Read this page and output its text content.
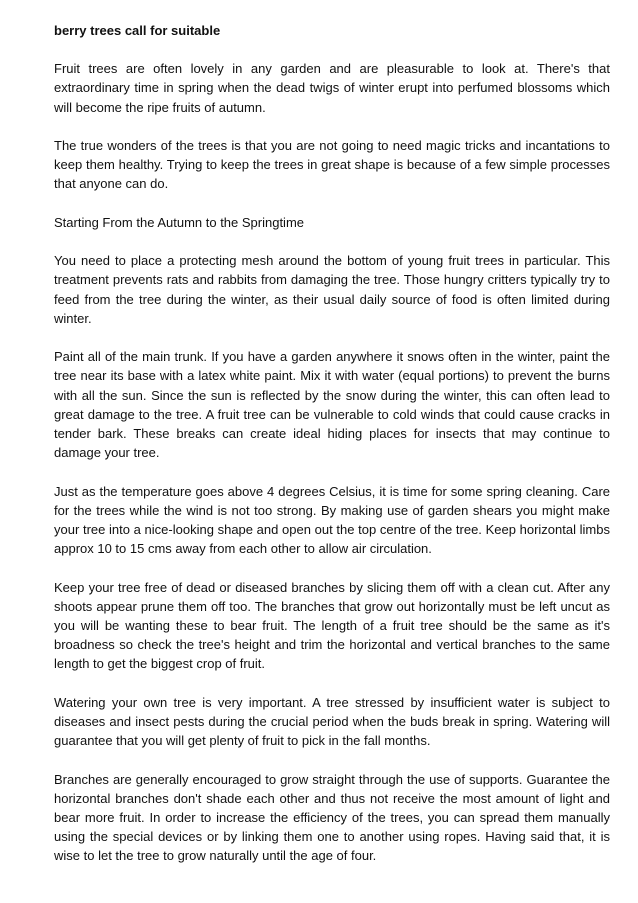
berry trees call for suitable
Fruit trees are often lovely in any garden and are pleasurable to look at. There's that extraordinary time in spring when the dead twigs of winter erupt into perfumed blossoms which will become the ripe fruits of autumn.
The true wonders of the trees is that you are not going to need magic tricks and incantations to keep them healthy. Trying to keep the trees in great shape is because of a few simple processes that anyone can do.
Starting From the Autumn to the Springtime
You need to place a protecting mesh around the bottom of young fruit trees in particular. This treatment prevents rats and rabbits from damaging the tree. Those hungry critters typically try to feed from the tree during the winter, as their usual daily source of food is often limited during winter.
Paint all of the main trunk. If you have a garden anywhere it snows often in the winter, paint the tree near its base with a latex white paint. Mix it with water (equal portions) to prevent the burns with all the sun. Since the sun is reflected by the snow during the winter, this can often lead to great damage to the tree. A fruit tree can be vulnerable to cold winds that could cause cracks in tender bark. These breaks can create ideal hiding places for insects that may continue to damage your tree.
Just as the temperature goes above 4 degrees Celsius, it is time for some spring cleaning. Care for the trees while the wind is not too strong. By making use of garden shears you might make your tree into a nice-looking shape and open out the top centre of the tree. Keep horizontal limbs approx 10 to 15 cms away from each other to allow air circulation.
Keep your tree free of dead or diseased branches by slicing them off with a clean cut. After any shoots appear prune them off too. The branches that grow out horizontally must be left uncut as you will be wanting these to bear fruit. The length of a fruit tree should be the same as it's broadness so check the tree's height and trim the horizontal and vertical branches to the same length to get the biggest crop of fruit.
Watering your own tree is very important. A tree stressed by insufficient water is subject to diseases and insect pests during the crucial period when the buds break in spring. Watering will guarantee that you will get plenty of fruit to pick in the fall months.
Branches are generally encouraged to grow straight through the use of supports. Guarantee the horizontal branches don't shade each other and thus not receive the most amount of light and bear more fruit. In order to increase the efficiency of the trees, you can spread them manually using the special devices or by linking them one to another using ropes. Having said that, it is wise to let the tree to grow naturally until the age of four.
